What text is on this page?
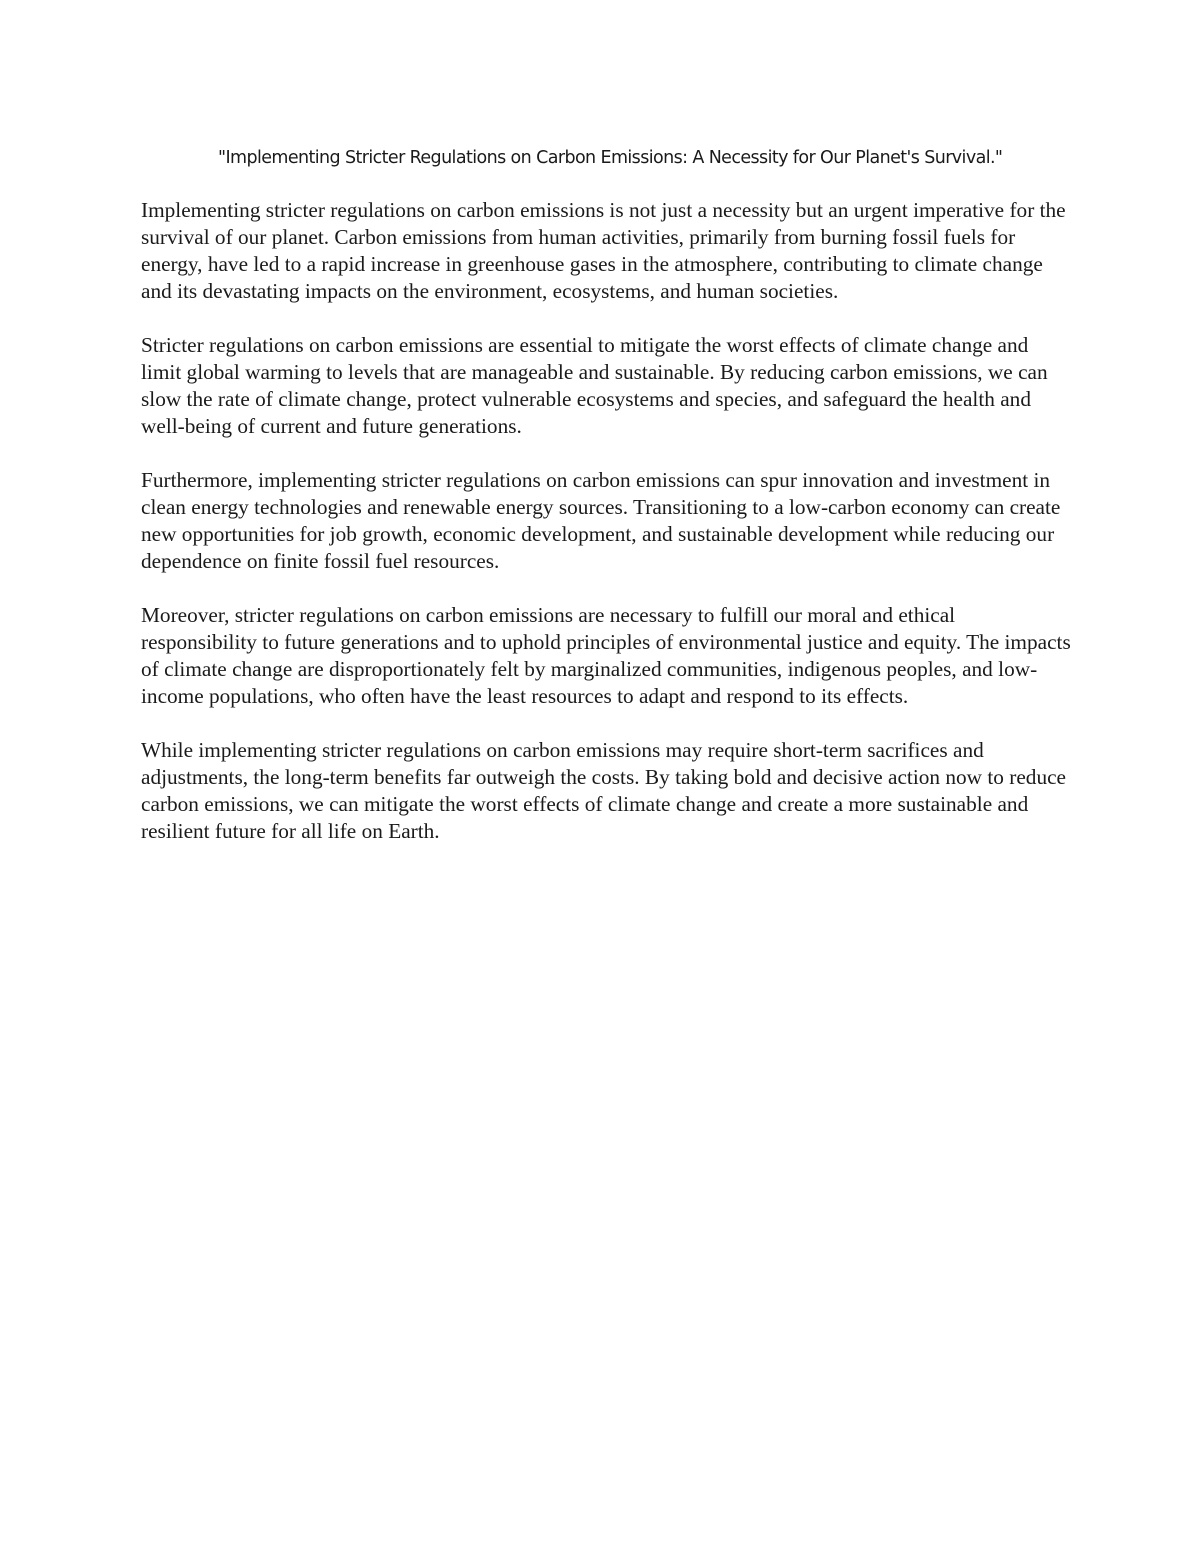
"Implementing Stricter Regulations on Carbon Emissions: A Necessity for Our Planet's Survival."

Implementing stricter regulations on carbon emissions is not just a necessity but an urgent imperative for the survival of our planet. Carbon emissions from human activities, primarily from burning fossil fuels for energy, have led to a rapid increase in greenhouse gases in the atmosphere, contributing to climate change and its devastating impacts on the environment, ecosystems, and human societies.

Stricter regulations on carbon emissions are essential to mitigate the worst effects of climate change and limit global warming to levels that are manageable and sustainable. By reducing carbon emissions, we can slow the rate of climate change, protect vulnerable ecosystems and species, and safeguard the health and well-being of current and future generations.

Furthermore, implementing stricter regulations on carbon emissions can spur innovation and investment in clean energy technologies and renewable energy sources. Transitioning to a low-carbon economy can create new opportunities for job growth, economic development, and sustainable development while reducing our dependence on finite fossil fuel resources.

Moreover, stricter regulations on carbon emissions are necessary to fulfill our moral and ethical responsibility to future generations and to uphold principles of environmental justice and equity. The impacts of climate change are disproportionately felt by marginalized communities, indigenous peoples, and low-income populations, who often have the least resources to adapt and respond to its effects.

While implementing stricter regulations on carbon emissions may require short-term sacrifices and adjustments, the long-term benefits far outweigh the costs. By taking bold and decisive action now to reduce carbon emissions, we can mitigate the worst effects of climate change and create a more sustainable and resilient future for all life on Earth.
